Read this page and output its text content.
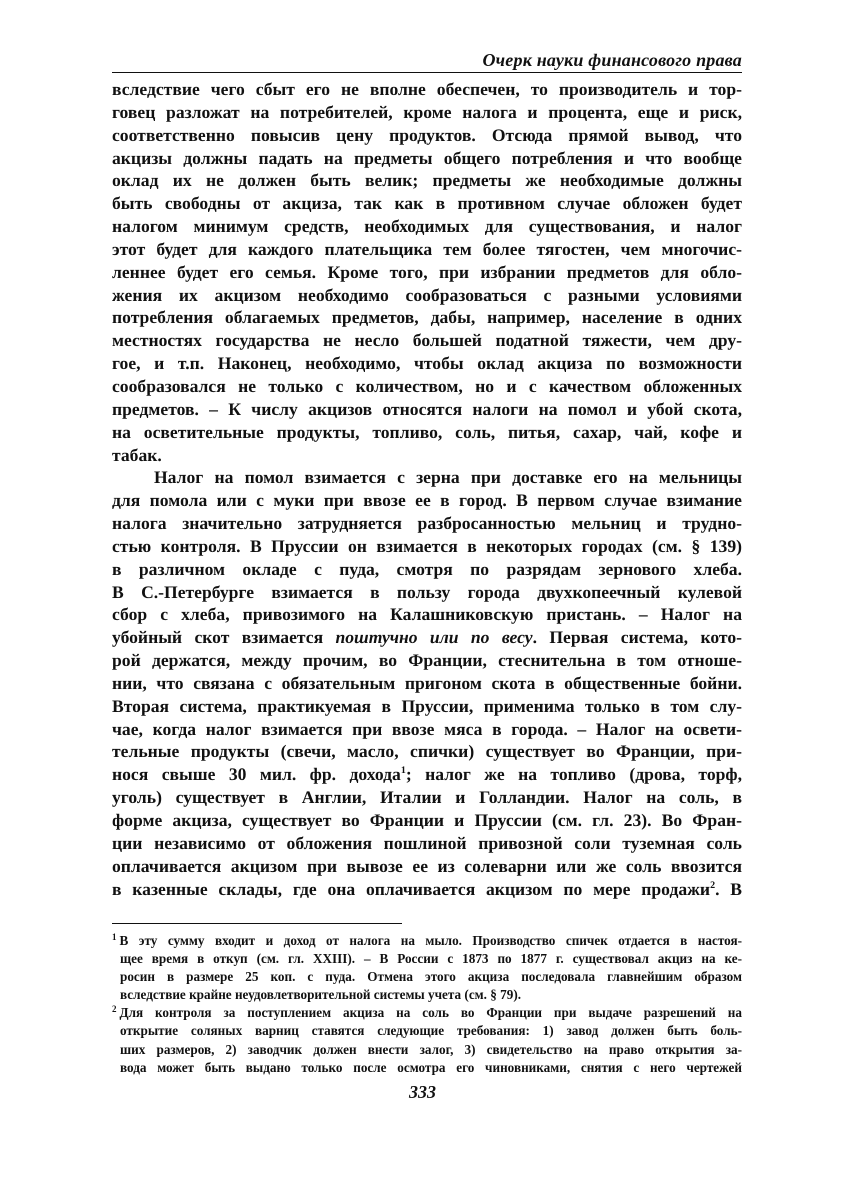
Очерк науки финансового права
вследствие чего сбыт его не вполне обеспечен, то производитель и тор-
говец разложат на потребителей, кроме налога и процента, еще и риск,
соответственно повысив цену продуктов. Отсюда прямой вывод, что
акцизы должны падать на предметы общего потребления и что вообще
оклад их не должен быть велик; предметы же необходимые должны
быть свободны от акциза, так как в противном случае обложен будет
налогом минимум средств, необходимых для существования, и налог
этот будет для каждого плательщика тем более тягостен, чем многочис-
леннее будет его семья. Кроме того, при избрании предметов для обло-
жения их акцизом необходимо сообразоваться с разными условиями
потребления облагаемых предметов, дабы, например, население в одних
местностях государства не несло большей податной тяжести, чем дру-
гое, и т.п. Наконец, необходимо, чтобы оклад акциза по возможности
сообразовался не только с количеством, но и с качеством обложенных
предметов. – К числу акцизов относятся налоги на помол и убой скота,
на осветительные продукты, топливо, соль, питья, сахар, чай, кофе и
табак.
Налог на помол взимается с зерна при доставке его на мельницы
для помола или с муки при ввозе ее в город. В первом случае взимание
налога значительно затрудняется разбросанностью мельниц и трудно-
стью контроля. В Пруссии он взимается в некоторых городах (см. § 139)
в различном окладе с пуда, смотря по разрядам зернового хлеба.
В С.-Петербурге взимается в пользу города двухкопеечный кулевой
сбор с хлеба, привозимого на Калашниковскую пристань. – Налог на
убойный скот взимается поштучно или по весу. Первая система, кото-
рой держатся, между прочим, во Франции, стеснительна в том отноше-
нии, что связана с обязательным пригоном скота в общественные бойни.
Вторая система, практикуемая в Пруссии, применима только в том слу-
чае, когда налог взимается при ввозе мяса в города. – Налог на освети-
тельные продукты (свечи, масло, спички) существует во Франции, при-
нося свыше 30 мил. фр. дохода$^1$; налог же на топливо (дрова, торф,
уголь) существует в Англии, Италии и Голландии. Налог на соль, в
форме акциза, существует во Франции и Пруссии (см. гл. 23). Во Фран-
ции независимо от обложения пошлиной привозной соли туземная соль
оплачивается акцизом при вывозе ее из солеварни или же соль ввозится
в казенные склады, где она оплачивается акцизом по мере продажи$^2$. В
$^1$ В эту сумму входит и доход от налога на мыло. Производство спичек отдается в настоя-
щее время в откуп (см. гл. XXIII). – В России с 1873 по 1877 г. существовал акциз на ке-
росин в размере 25 коп. с пуда. Отмена этого акциза последовала главнейшим образом
вследствие крайне неудовлетворительной системы учета (см. § 79).
$^2$ Для контроля за поступлением акциза на соль во Франции при выдаче разрешений на
открытие соляных варниц ставятся следующие требования: 1) завод должен быть боль-
ших размеров, 2) заводчик должен внести залог, 3) свидетельство на право открытия за-
вода может быть выдано только после осмотра его чиновниками, снятия с него чертежей
333
